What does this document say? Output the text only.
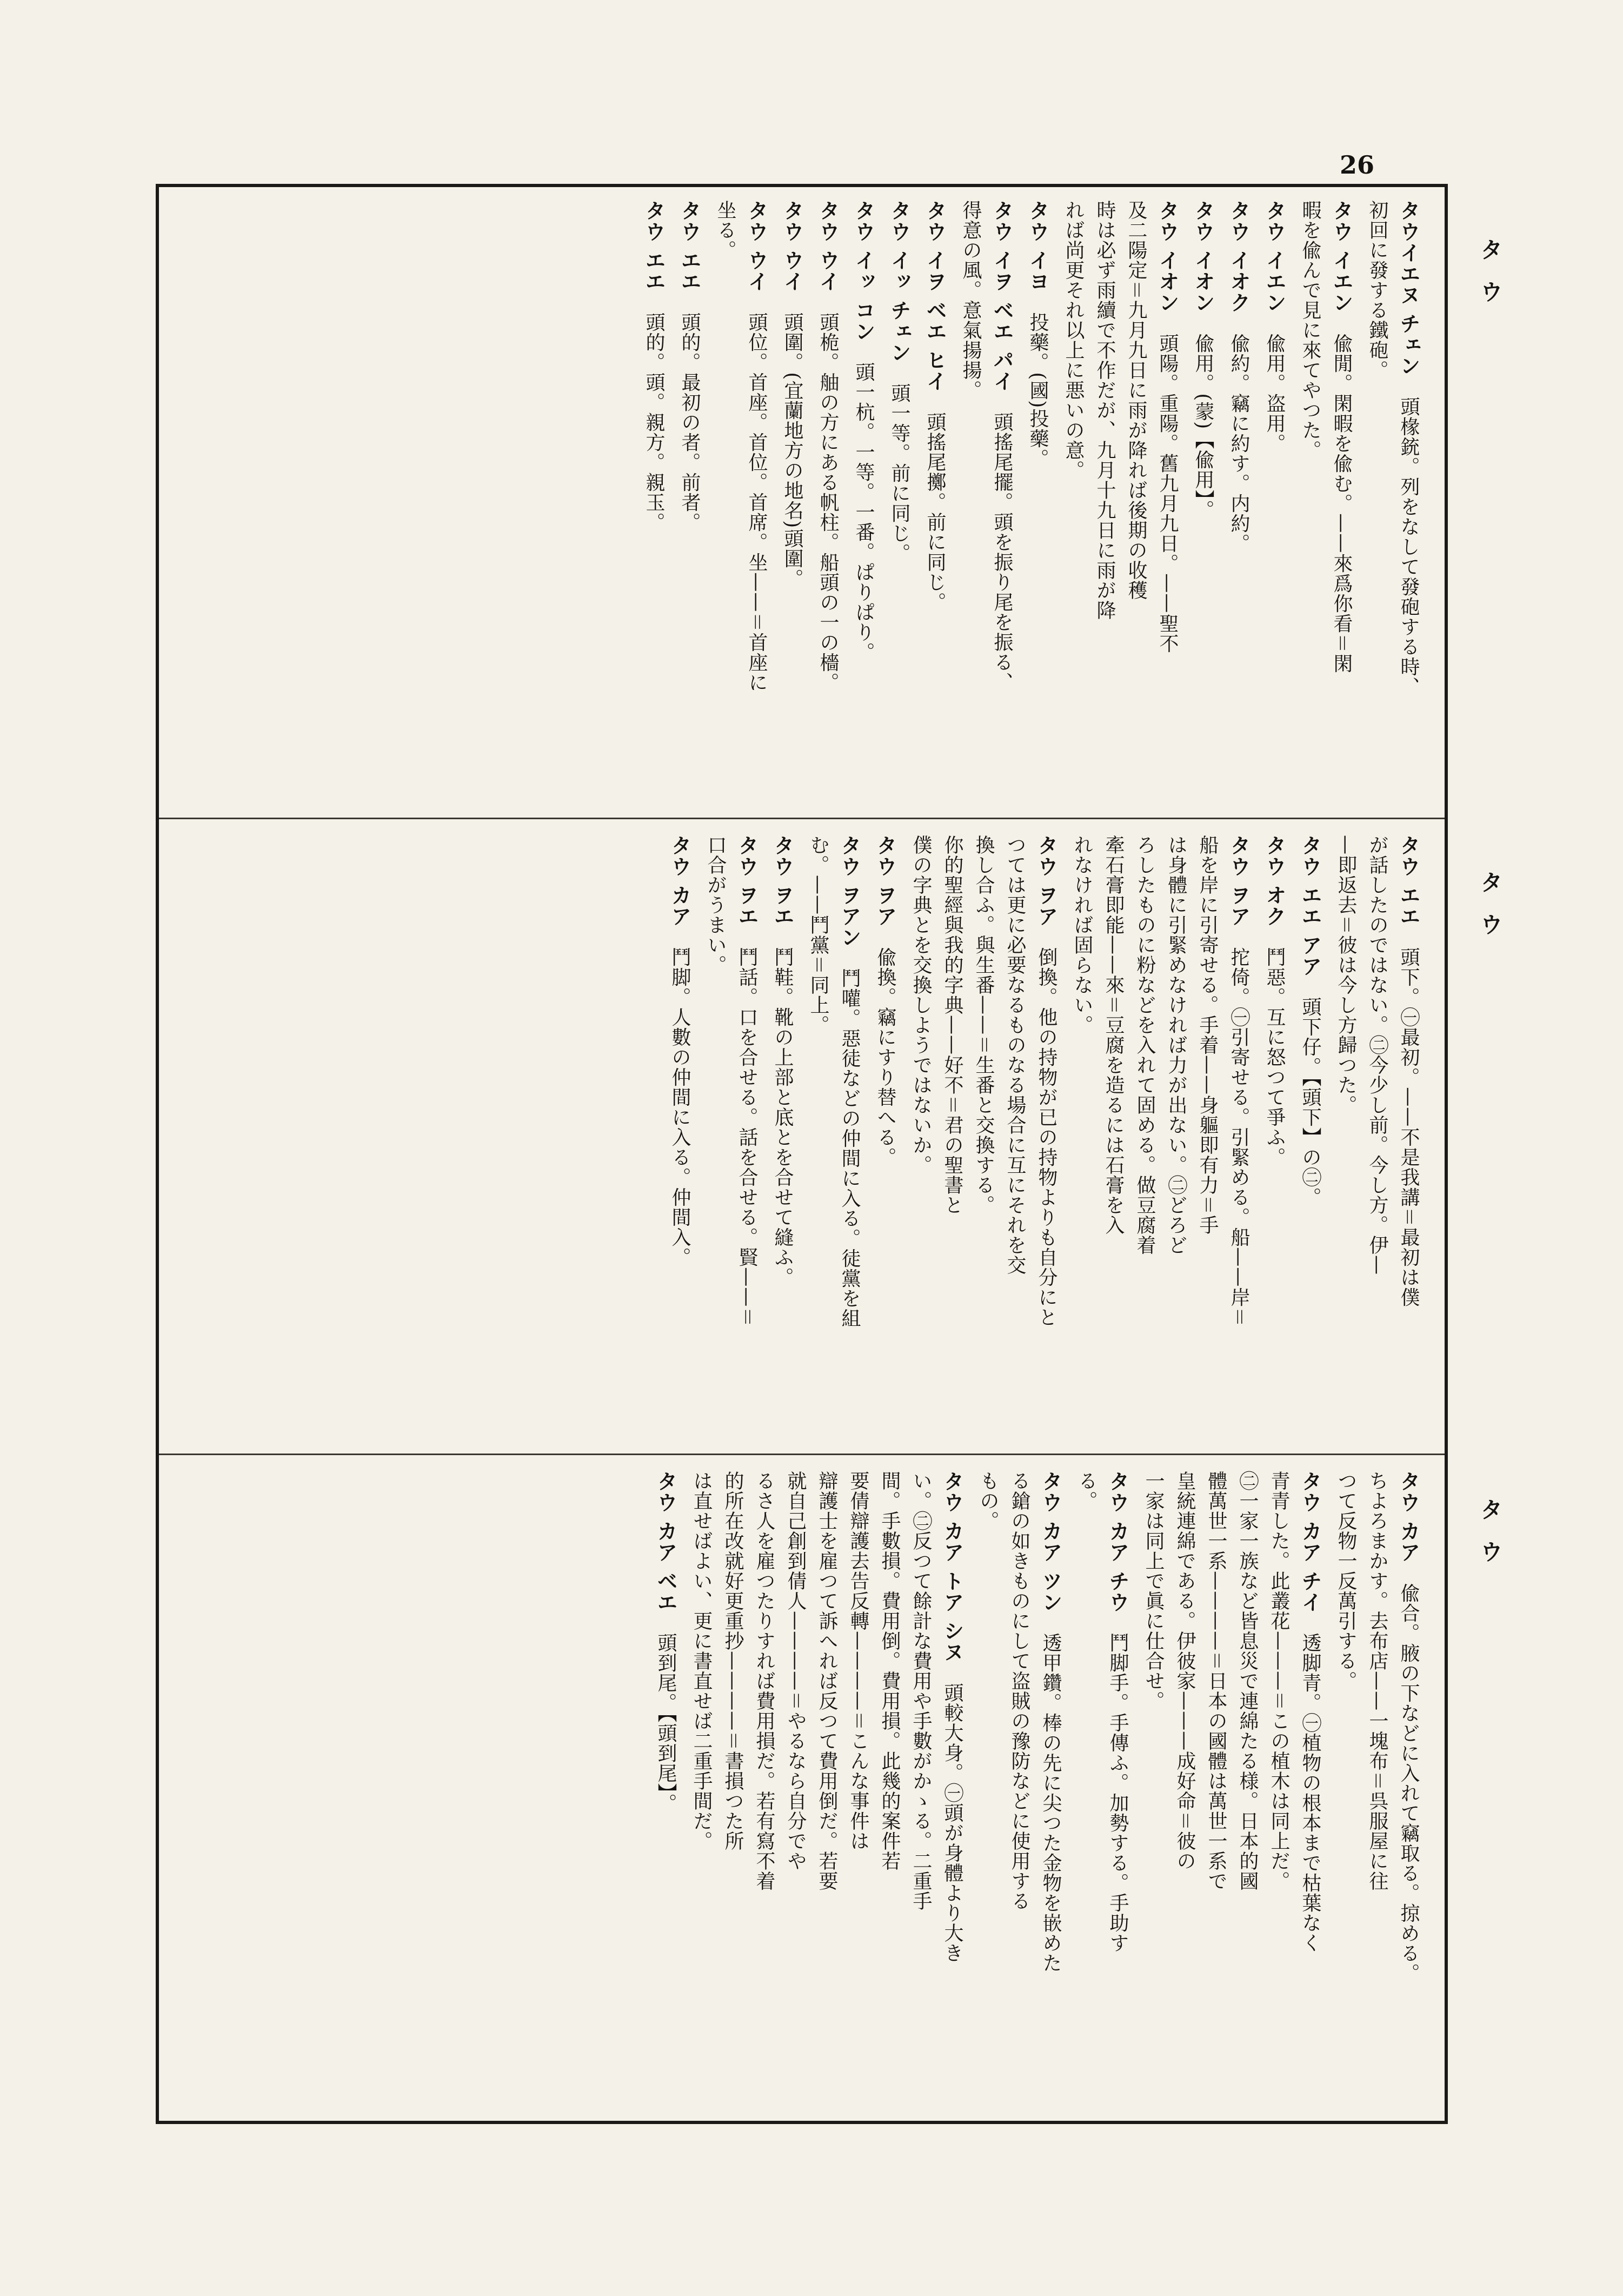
26
タウ
タウ
タウ
タウイエヌ チェン　頭椽銃。列をなして發砲する時、
初回に發する鐵砲。
タウ イエン　偸閒。閑暇を偸む。——來爲你看＝閑
暇を偸んで見に來てやつた。
タウ イエン　偸用。盗用。
タウ イオク　偸約。竊に約す。内約。
タウ イオン　偸用。(蒙)【偸用】。
タウ イオン　頭陽。重陽。舊九月九日。——聖不
及二陽定＝九月九日に雨が降れば後期の收穫
時は必ず雨續で不作だが、九月十九日に雨が降
れば尚更それ以上に悪いの意。
タウ イヨ　投藥。(國)投藥。
タウ イヲ ベエ パイ　頭搖尾擺。頭を振り尾を振る、
得意の風。意氣揚揚。
タウ イヲ ベエ ヒイ　頭搖尾擲。前に同じ。
タウ イッ チェン　頭一等。前に同じ。
タウ イッ コン　頭一杭。一等。一番。ぱりぱり。
タウ ウイ　頭桅。舳の方にある帆柱。船頭の一の檣。
タウ ウイ　頭圍。(宜蘭地方の地名)頭圍。
タウ ウイ　頭位。首座。首位。首席。坐——＝首座に
坐る。
タウ エエ　頭的。最初の者。前者。
タウ エエ　頭的。頭。親方。親玉。
タウ エエ　頭下。㊀最初。——不是我講＝最初は僕
が話したのではない。㊁今少し前。今し方。伊—
—即返去＝彼は今し方歸つた。
タウ エエ アア　頭下仔。【頭下】の㊁。
タウ オク　鬥惡。互に怒つて爭ふ。
タウ ヲア　拕倚。㊀引寄せる。引緊める。船——岸＝
船を岸に引寄せる。手着——身軀即有力＝手
は身體に引緊めなければ力が出ない。㊁どろど
ろしたものに粉などを入れて固める。做豆腐着
牽石膏即能——來＝豆腐を造るには石膏を入
れなければ固らない。
タウ ヲア　倒換。他の持物が已の持物よりも自分にと
つては更に必要なるものなる場合に互にそれを交
換し合ふ。與生番——＝生番と交換する。
你的聖經與我的字典——好不＝君の聖書と
僕の字典とを交換しようではないか。
タウ ヲア　偸換。竊にすり替へる。
タウ ヲアン　鬥嚾。惡徒などの仲間に入る。徒黨を組
む。——鬥黨＝同上。
タウ ヲエ　鬥鞋。靴の上部と底とを合せて縫ふ。
タウ ヲエ　鬥話。口を合せる。話を合せる。賢——＝
口合がうまい。
タウ カア　鬥脚。人數の仲間に入る。仲間入。
タウ カア　偸合。腋の下などに入れて竊取る。掠める。
ちよろまかす。去布店——一塊布＝呉服屋に往
つて反物一反萬引する。
タウ カア チイ　透脚青。㊀植物の根本まで枯葉なく
青青した。此叢花———＝この植木は同上だ。
㊁一家一族など皆息災で連綿たる様。日本的國
體萬世一系————＝日本の國體は萬世一系で
皇統連綿である。伊彼家———成好命＝彼の
一家は同上で眞に仕合せ。
タウ カア チウ　鬥脚手。手傳ふ。加勢する。手助す
る。
タウ カア ツン　透甲鑽。棒の先に尖つた金物を嵌めた
る鎗の如きものにして盗賊の豫防などに使用する
もの。
タウ カア トア シヌ　頭較大身。㊀頭が身體より大き
い。㊁反つて餘計な費用や手數がかゝる。二重手
間。手數損。費用倒。費用損。此幾的案件若
要倩辯護去告反轉————＝こんな事件は
辯護士を雇つて訴へれば反つて費用倒だ。若要
就自己創到倩人————＝やるなら自分でや
るさ人を雇つたりすれば費用損だ。若有寫不着
的所在改就好更重抄————＝書損つた所
は直せばよい、更に書直せば二重手間だ。
タウ カア ベエ　頭到尾。【頭到尾】。
